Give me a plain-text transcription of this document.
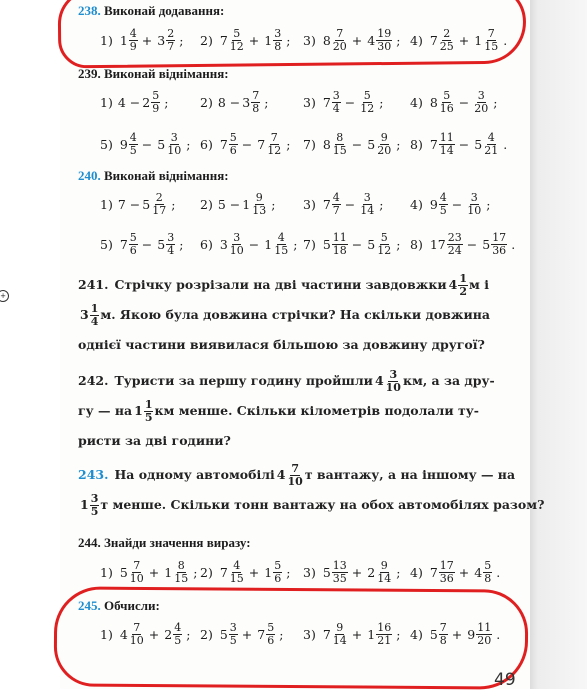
+
238. Виконай додавання:
1) $1 \frac{4}{9} + 3 \frac{2}{7}$ ; 2) $7 \frac{5}{12} + 1 \frac{3}{8}$ ; 3) $8 \frac{7}{20} + 4 \frac{19}{30}$ ; 4) $7 \frac{2}{25} + 1 \frac{7}{15}$ .
239. Виконай віднімання:
1) $4 - 2 \frac{5}{9}$ ;	2) $8 - 3 \frac{7}{8}$ ;	3) $7 \frac{3}{4} - \frac{5}{12}$ ; 4) $8 \frac{5}{16} - \frac{3}{20}$ ;
5) $9 \frac{4}{5} - 5 \frac{3}{10}$ ; 6) $7 \frac{5}{6} - 7 \frac{7}{12}$ ; 7) $8 \frac{8}{15} - 5 \frac{9}{20}$ ; 8) $7 \frac{11}{14} - 5 \frac{4}{21}$ .
240. Виконай віднімання:
1) $7 - 5 \frac{2}{17}$ ; 2) $5 - 1 \frac{9}{13}$ ; 3) $7 \frac{4}{7} - \frac{3}{14}$ ; 4) $9 \frac{4}{5} - \frac{3}{10}$ ;
5) $7 \frac{5}{6} - 5 \frac{3}{4}$ ; 6) $3 \frac{3}{10} - 1 \frac{4}{15}$ ; 7) $5 \frac{11}{18} - 5 \frac{5}{12}$ ; 8) $17 \frac{23}{24} - 5 \frac{17}{36}$ .
241. Стрічку розрізали на дві частини завдовжки $4 \frac{1}{2}$ м і
$3 \frac{1}{4} м$. Якою була довжина стрічки? На скільки довжина
однієї частини виявилася більшою за довжину другої?
242. Туристи за першу годину пройшли $4 \frac{3}{10}$ км, а за дру-
гу — на $1 \frac{1}{5}$ км менше. Скільки кілометрів подолали ту-
ристи за дві години?
243. На одному автомобілі $4 \frac{7}{10}$ т вантажу, а на іншому — на
$1 \frac{3}{5}$ т менше. Скільки тонн вантажу на обох автомобілях разом?
244. Знайди значення виразу:
1) $5 \frac{7}{10} + 1 \frac{8}{15}$ ; 2) $7 \frac{4}{15} + 1 \frac{5}{6}$ ; 3) $5 \frac{13}{35} + 2 \frac{9}{14}$ ; 4) $7 \frac{17}{36} + 4 \frac{5}{8}$ .
245. Обчисли:
1) $4 \frac{7}{10} + 2 \frac{4}{5}$ ; 2) $5 \frac{3}{5} + 7 \frac{5}{6}$ ; 3) $7 \frac{9}{14} + 1 \frac{16}{21}$ ; 4) $5 \frac{7}{8} + 9 \frac{11}{20}$ .
49
